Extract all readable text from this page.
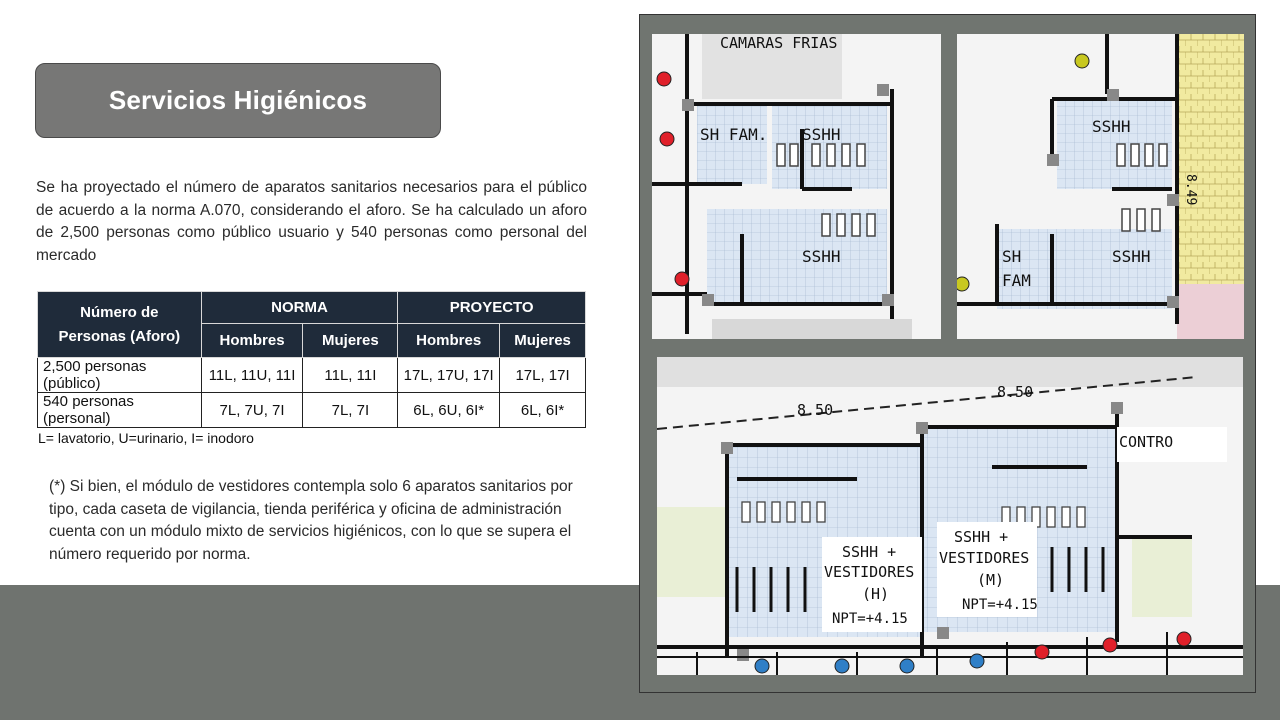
Servicios Higiénicos

Se ha proyectado el número de aparatos sanitarios necesarios para el público de acuerdo a la norma A.070, considerando el aforo. Se ha calculado un aforo de 2,500 personas como público usuario y 540 personas como personal del mercado

Número de Personas (Aforo)	NORMA		PROYECTO	
	Hombres	Mujeres	Hombres	Mujeres
2,500 personas (público)	11L, 11U, 11I	11L, 11I	17L, 17U, 17I	17L, 17I
540 personas (personal)	7L, 7U, 7I	7L, 7I	6L, 6U, 6I*	6L, 6I*
L= lavatorio, U=urinario, I= inodoro

(*) Si bien, el módulo de vestidores contempla solo 6 aparatos sanitarios por tipo, cada caseta de vigilancia, tienda periférica y oficina de administración cuenta con un módulo mixto de servicios higiénicos, con lo que se supera el número requerido por norma.

CAMARAS FRIAS
SH FAM. SSHH
SSHH
SSHH
SH
FAM
SSHH
8.49
8.50
8.50
CONTRO
SSHH +
VESTIDORES
(H)
NPT=+4.15
SSHH +
VESTIDORES
(M)
NPT=+4.15
